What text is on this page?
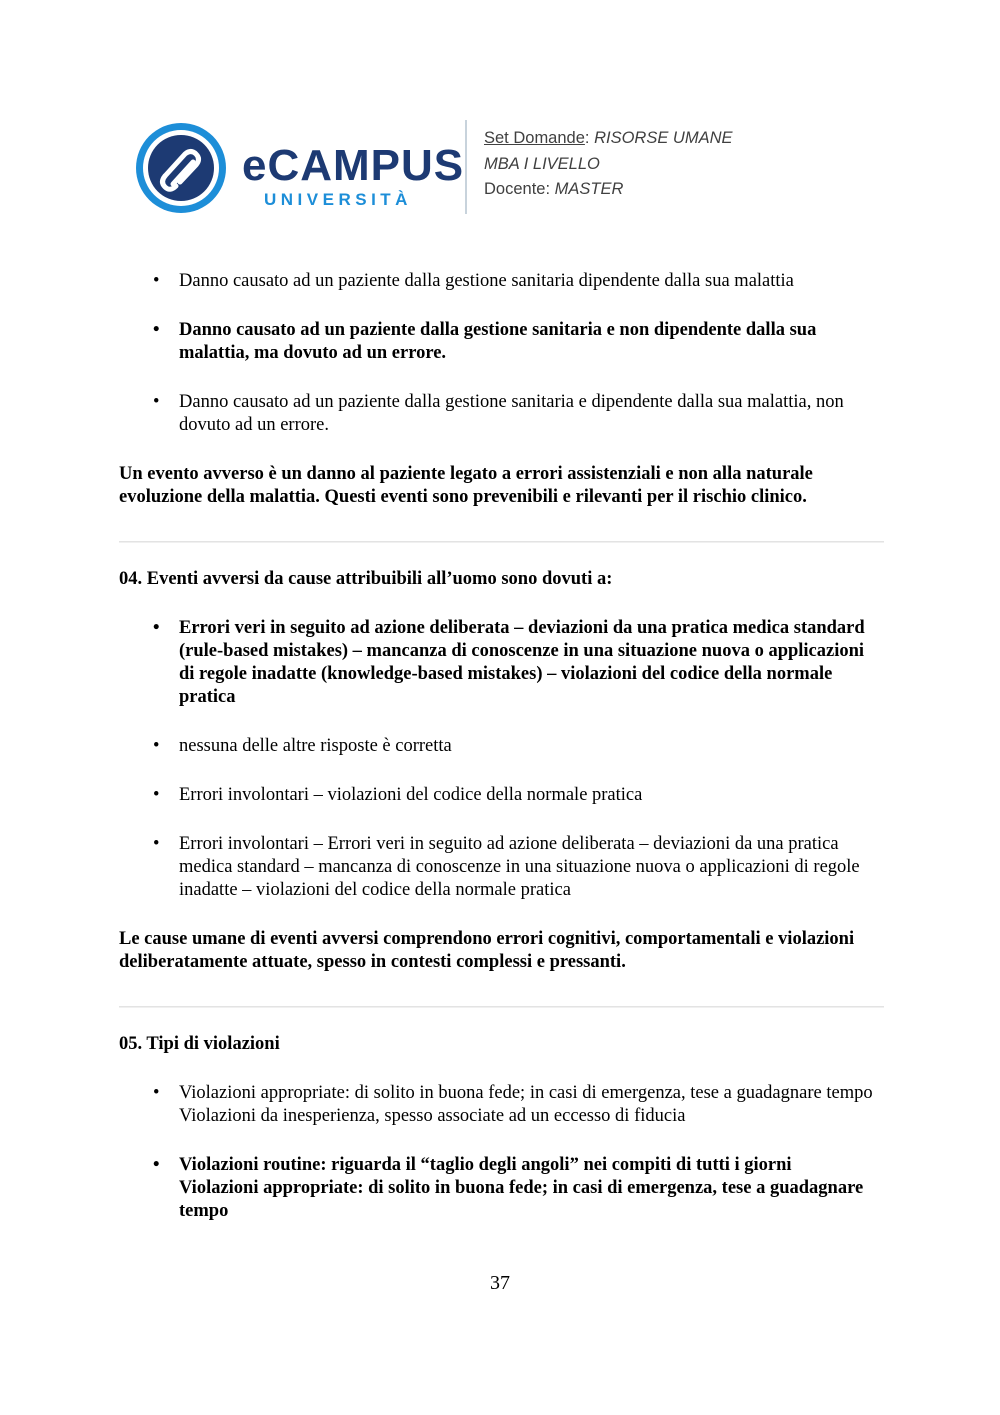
eCAMPUS
UNIVERSITÀ
Set Domande: RISORSE UMANE
MBA I LIVELLO
Docente: MASTER
• Danno causato ad un paziente dalla gestione sanitaria dipendente dalla sua malattia
• Danno causato ad un paziente dalla gestione sanitaria e non dipendente dalla sua malattia, ma dovuto ad un errore.
• Danno causato ad un paziente dalla gestione sanitaria e dipendente dalla sua malattia, non dovuto ad un errore.

Un evento avverso è un danno al paziente legato a errori assistenziali e non alla naturale evoluzione della malattia. Questi eventi sono prevenibili e rilevanti per il rischio clinico.

04. Eventi avversi da cause attribuibili all’uomo sono dovuti a:

• Errori veri in seguito ad azione deliberata – deviazioni da una pratica medica standard (rule-based mistakes) – mancanza di conoscenze in una situazione nuova o applicazioni di regole inadatte (knowledge-based mistakes) – violazioni del codice della normale pratica
• nessuna delle altre risposte è corretta
• Errori involontari – violazioni del codice della normale pratica
• Errori involontari – Errori veri in seguito ad azione deliberata – deviazioni da una pratica medica standard – mancanza di conoscenze in una situazione nuova o applicazioni di regole inadatte – violazioni del codice della normale pratica

Le cause umane di eventi avversi comprendono errori cognitivi, comportamentali e violazioni deliberatamente attuate, spesso in contesti complessi e pressanti.

05. Tipi di violazioni

• Violazioni appropriate: di solito in buona fede; in casi di emergenza, tese a guadagnare tempo
Violazioni da inesperienza, spesso associate ad un eccesso di fiducia
• Violazioni routine: riguarda il “taglio degli angoli” nei compiti di tutti i giorni
Violazioni appropriate: di solito in buona fede; in casi di emergenza, tese a guadagnare tempo
37
